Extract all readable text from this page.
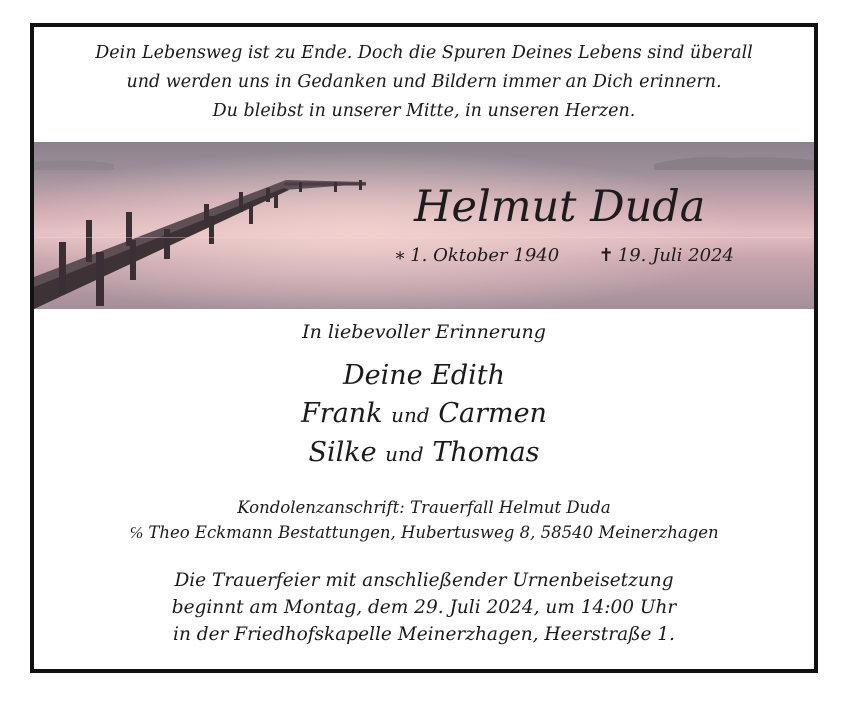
Dein Lebensweg ist zu Ende. Doch die Spuren Deines Lebens sind überall
und werden uns in Gedanken und Bildern immer an Dich erinnern.
Du bleibst in unserer Mitte, in unseren Herzen.
Helmut Duda
∗ 1. Oktober 1940 ✝ 19. Juli 2024
In liebevoller Erinnerung
Deine Edith
Frank und Carmen
Silke und Thomas
Kondolenzanschrift: Trauerfall Helmut Duda
℅ Theo Eckmann Bestattungen, Hubertusweg 8, 58540 Meinerzhagen
Die Trauerfeier mit anschließender Urnenbeisetzung
beginnt am Montag, dem 29. Juli 2024, um 14:00 Uhr
in der Friedhofskapelle Meinerzhagen, Heerstraße 1.
